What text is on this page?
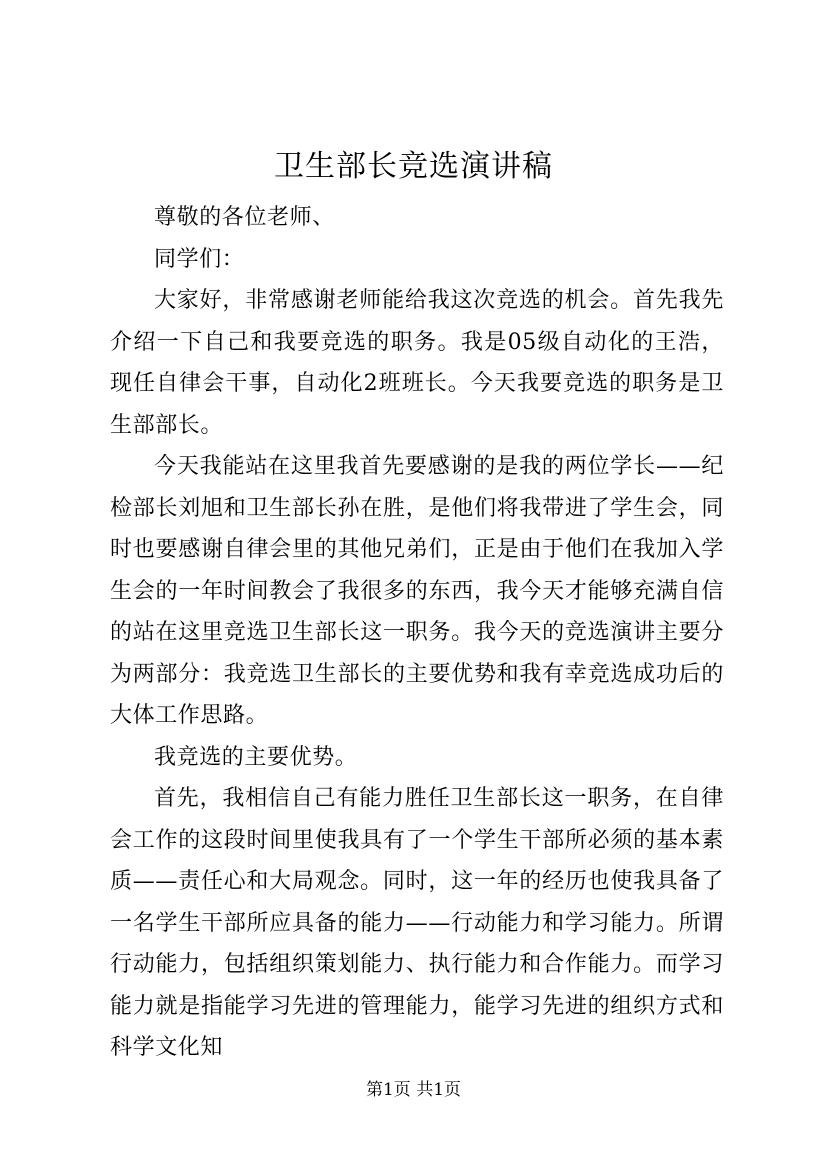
卫生部长竞选演讲稿

尊敬的各位老师、

同学们：

大家好，非常感谢老师能给我这次竞选的机会。首先我先介绍一下自己和我要竞选的职务。我是05级自动化的王浩，现任自律会干事，自动化2班班长。今天我要竞选的职务是卫生部部长。

今天我能站在这里我首先要感谢的是我的两位学长——纪检部长刘旭和卫生部长孙在胜，是他们将我带进了学生会，同时也要感谢自律会里的其他兄弟们，正是由于他们在我加入学生会的一年时间教会了我很多的东西，我今天才能够充满自信的站在这里竞选卫生部长这一职务。我今天的竞选演讲主要分为两部分：我竞选卫生部长的主要优势和我有幸竞选成功后的大体工作思路。

我竞选的主要优势。

首先，我相信自己有能力胜任卫生部长这一职务，在自律会工作的这段时间里使我具有了一个学生干部所必须的基本素质——责任心和大局观念。同时，这一年的经历也使我具备了一名学生干部所应具备的能力——行动能力和学习能力。所谓行动能力，包括组织策划能力、执行能力和合作能力。而学习能力就是指能学习先进的管理能力，能学习先进的组织方式和科学文化知

第1页 共1页
